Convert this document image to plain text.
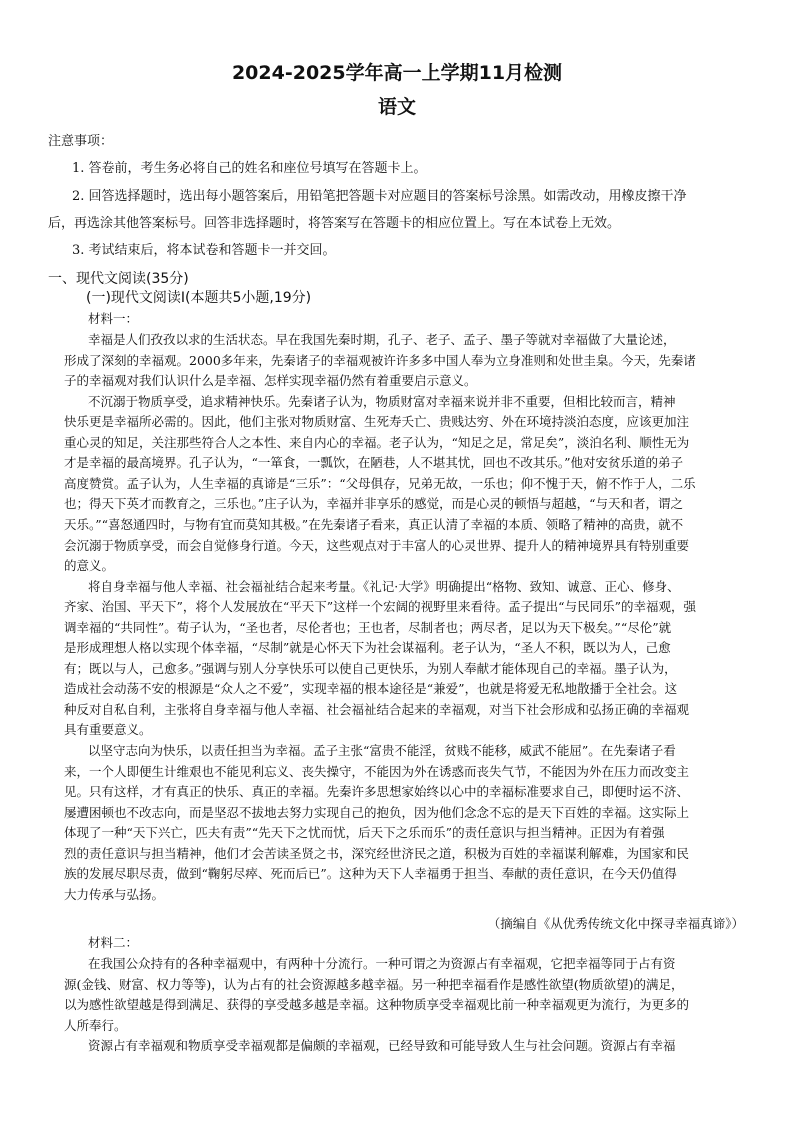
2024-2025学年高一上学期11月检测
语文
注意事项：
1. 答卷前，考生务必将自己的姓名和座位号填写在答题卡上。
2. 回答选择题时，选出每小题答案后，用铅笔把答题卡对应题目的答案标号涂黑。如需改动，用橡皮擦干净
后，再选涂其他答案标号。回答非选择题时，将答案写在答题卡的相应位置上。写在本试卷上无效。
3. 考试结束后，将本试卷和答题卡一并交回。
一、现代文阅读(35分)
(一)现代文阅读Ⅰ(本题共5小题,19分)
材料一：
幸福是人们孜孜以求的生活状态。早在我国先秦时期，孔子、老子、孟子、墨子等就对幸福做了大量论述，
形成了深刻的幸福观。2000多年来，先秦诸子的幸福观被许许多多中国人奉为立身准则和处世圭臬。今天，先秦诸
子的幸福观对我们认识什么是幸福、怎样实现幸福仍然有着重要启示意义。
不沉溺于物质享受，追求精神快乐。先秦诸子认为，物质财富对幸福来说并非不重要，但相比较而言，精神
快乐更是幸福所必需的。因此，他们主张对物质财富、生死寿夭亡、贵贱达穷、外在环境持淡泊态度，应该更加注
重心灵的知足，关注那些符合人之本性、来自内心的幸福。老子认为，“知足之足，常足矣”，淡泊名利、顺性无为
才是幸福的最高境界。孔子认为，“一箪食，一瓢饮，在陋巷，人不堪其忧，回也不改其乐。”他对安贫乐道的弟子
高度赞赏。孟子认为，人生幸福的真谛是“三乐”：“父母俱存，兄弟无故，一乐也；仰不愧于天，俯不怍于人，二乐
也；得天下英才而教育之，三乐也。”庄子认为，幸福并非享乐的感觉，而是心灵的顿悟与超越，“与天和者，谓之
天乐。”“喜怒通四时，与物有宜而莫知其极。”在先秦诸子看来，真正认清了幸福的本质、领略了精神的高贵，就不
会沉溺于物质享受，而会自觉修身行道。今天，这些观点对于丰富人的心灵世界、提升人的精神境界具有特别重要
的意义。
将自身幸福与他人幸福、社会福祉结合起来考量。《礼记·大学》明确提出“格物、致知、诚意、正心、修身、
齐家、治国、平天下”，将个人发展放在“平天下”这样一个宏阔的视野里来看待。孟子提出“与民同乐”的幸福观，强
调幸福的“共同性”。荀子认为，“圣也者，尽伦者也；王也者，尽制者也；两尽者，足以为天下极矣。”“尽伦”就
是形成理想人格以实现个体幸福，“尽制”就是心怀天下为社会谋福利。老子认为，“圣人不积，既以为人，己愈
有；既以与人，己愈多。”强调与别人分享快乐可以使自己更快乐，为别人奉献才能体现自己的幸福。墨子认为，
造成社会动荡不安的根源是“众人之不爱”，实现幸福的根本途径是“兼爱”，也就是将爱无私地散播于全社会。这
种反对自私自利，主张将自身幸福与他人幸福、社会福祉结合起来的幸福观，对当下社会形成和弘扬正确的幸福观
具有重要意义。
以坚守志向为快乐，以责任担当为幸福。孟子主张“富贵不能淫，贫贱不能移，威武不能屈”。在先秦诸子看
来，一个人即便生计维艰也不能见利忘义、丧失操守，不能因为外在诱惑而丧失气节，不能因为外在压力而改变主
见。只有这样，才有真正的快乐、真正的幸福。先秦许多思想家始终以心中的幸福标准要求自己，即便时运不济、
屡遭困顿也不改志向，而是坚忍不拔地去努力实现自己的抱负，因为他们念念不忘的是天下百姓的幸福。这实际上
体现了一种“天下兴亡，匹夫有责”“先天下之忧而忧，后天下之乐而乐”的责任意识与担当精神。正因为有着强
烈的责任意识与担当精神，他们才会苦读圣贤之书，深究经世济民之道，积极为百姓的幸福谋利解难，为国家和民
族的发展尽职尽责，做到“鞠躬尽瘁、死而后已”。这种为天下人幸福勇于担当、奉献的责任意识，在今天仍值得
大力传承与弘扬。
（摘编自《从优秀传统文化中探寻幸福真谛》）
材料二：
在我国公众持有的各种幸福观中，有两种十分流行。一种可谓之为资源占有幸福观，它把幸福等同于占有资
源(金钱、财富、权力等等)，认为占有的社会资源越多越幸福。另一种把幸福看作是感性欲望(物质欲望)的满足，
以为感性欲望越是得到满足、获得的享受越多越是幸福。这种物质享受幸福观比前一种幸福观更为流行，为更多的
人所奉行。
资源占有幸福观和物质享受幸福观都是偏颇的幸福观，已经导致和可能导致人生与社会问题。资源占有幸福
